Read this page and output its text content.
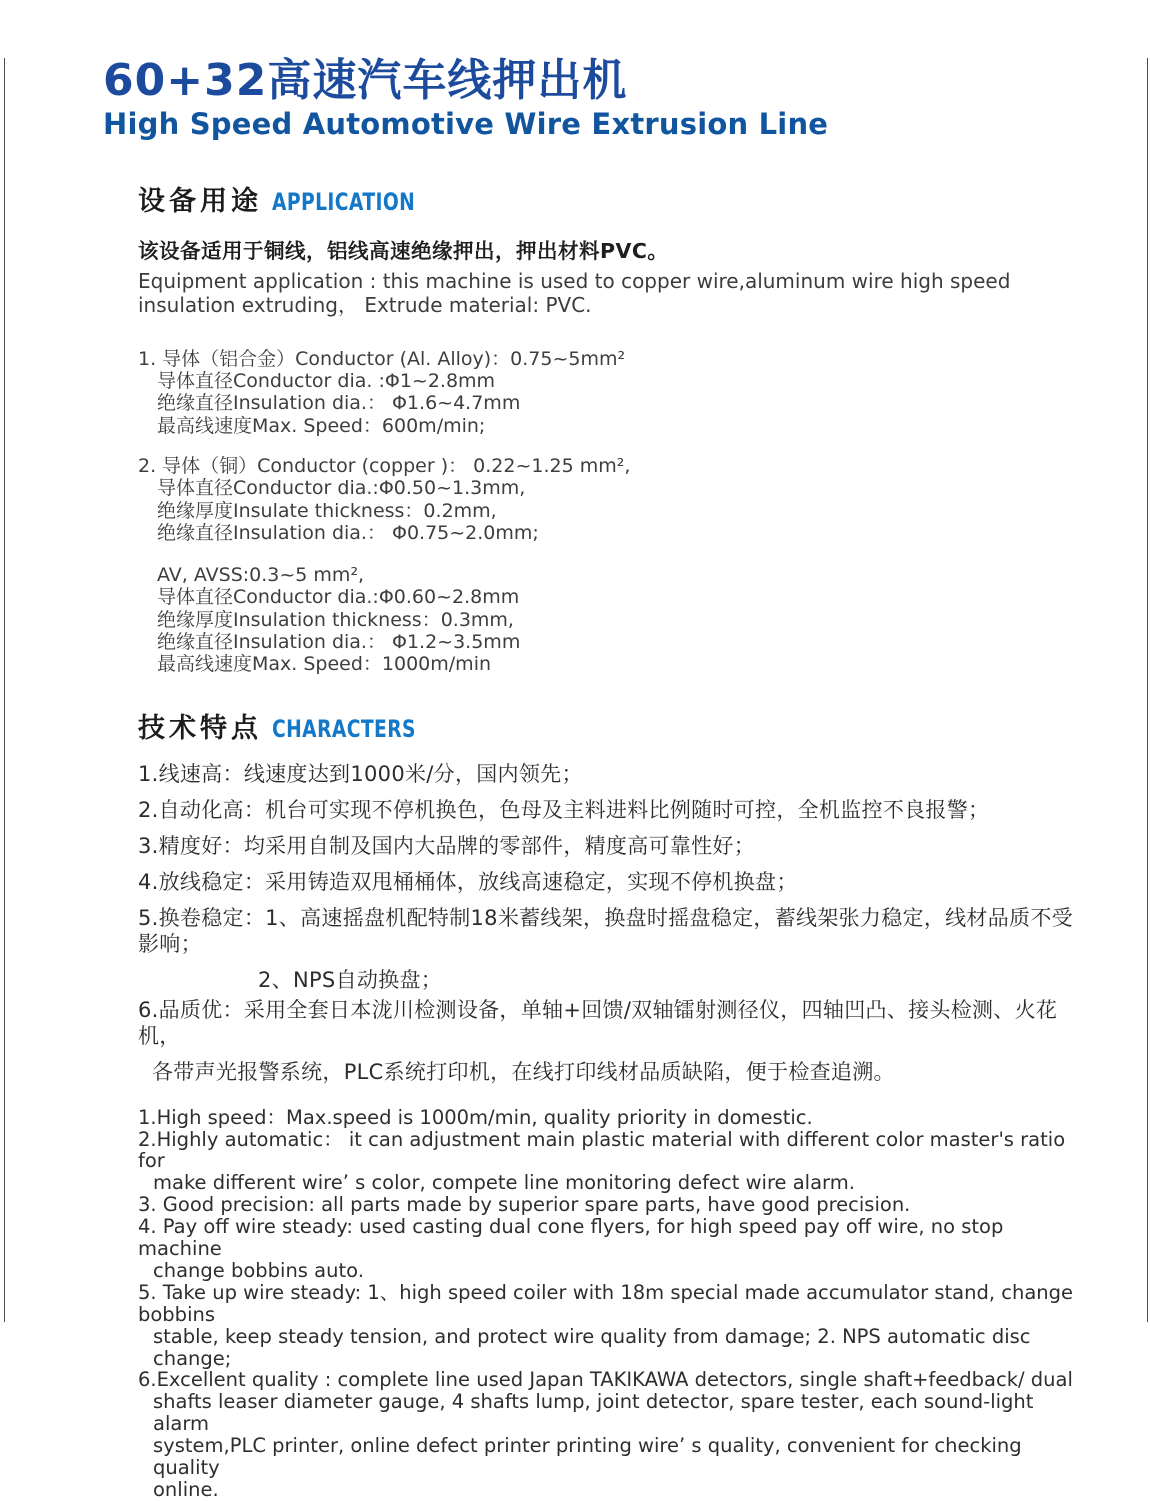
60+32高速汽车线押出机
High Speed Automotive Wire Extrusion Line
设备用途 APPLICATION
该设备适用于铜线，铝线高速绝缘押出，押出材料PVC。

Equipment application : this machine is used to copper wire,aluminum wire high speed

insulation extruding， Extrude material: PVC.

1. 导体（铝合金）Conductor (Al. Alloy)：0.75~5mm²

导体直径Conductor dia. :Φ1~2.8mm

绝缘直径Insulation dia.： Φ1.6~4.7mm

最高线速度Max. Speed：600m/min;

2. 导体（铜）Conductor (copper )： 0.22~1.25 mm²,

导体直径Conductor dia.:Φ0.50~1.3mm,

绝缘厚度Insulate thickness：0.2mm,

绝缘直径Insulation dia.： Φ0.75~2.0mm;

AV, AVSS:0.3~5 mm²,

导体直径Conductor dia.:Φ0.60~2.8mm

绝缘厚度Insulation thickness：0.3mm,

绝缘直径Insulation dia.： Φ1.2~3.5mm

最高线速度Max. Speed：1000m/min

技术特点 CHARACTERS

1.线速高：线速度达到1000米/分，国内领先；

2.自动化高：机台可实现不停机换色，色母及主料进料比例随时可控，全机监控不良报警；

3.精度好：均采用自制及国内大品牌的零部件，精度高可靠性好；

4.放线稳定：采用铸造双甩桶桶体，放线高速稳定，实现不停机换盘；

5.换卷稳定：1、高速摇盘机配特制18米蓄线架，换盘时摇盘稳定，蓄线架张力稳定，线材品质不受影响；

2、NPS自动换盘；

6.品质优：采用全套日本泷川检测设备，单轴+回馈/双轴镭射测径仪，四轴凹凸、接头检测、火花机，

各带声光报警系统，PLC系统打印机，在线打印线材品质缺陷，便于检查追溯。

1.High speed：Max.speed is 1000m/min, quality priority in domestic.

2.Highly automatic： it can adjustment main plastic material with different color master's ratio for

make different wire’ s color, compete line monitoring defect wire alarm.

3. Good precision: all parts made by superior spare parts, have good precision.

4. Pay off wire steady: used casting dual cone flyers, for high speed pay off wire, no stop machine

change bobbins auto.

5. Take up wire steady: 1、high speed coiler with 18m special made accumulator stand, change bobbins

stable, keep steady tension, and protect wire quality from damage; 2. NPS automatic disc change;

6.Excellent quality : complete line used Japan TAKIKAWA detectors, single shaft+feedback/ dual

shafts leaser diameter gauge, 4 shafts lump, joint detector, spare tester, each sound-light alarm

system,PLC printer, online defect printer printing wire’ s quality, convenient for checking quality

online.
